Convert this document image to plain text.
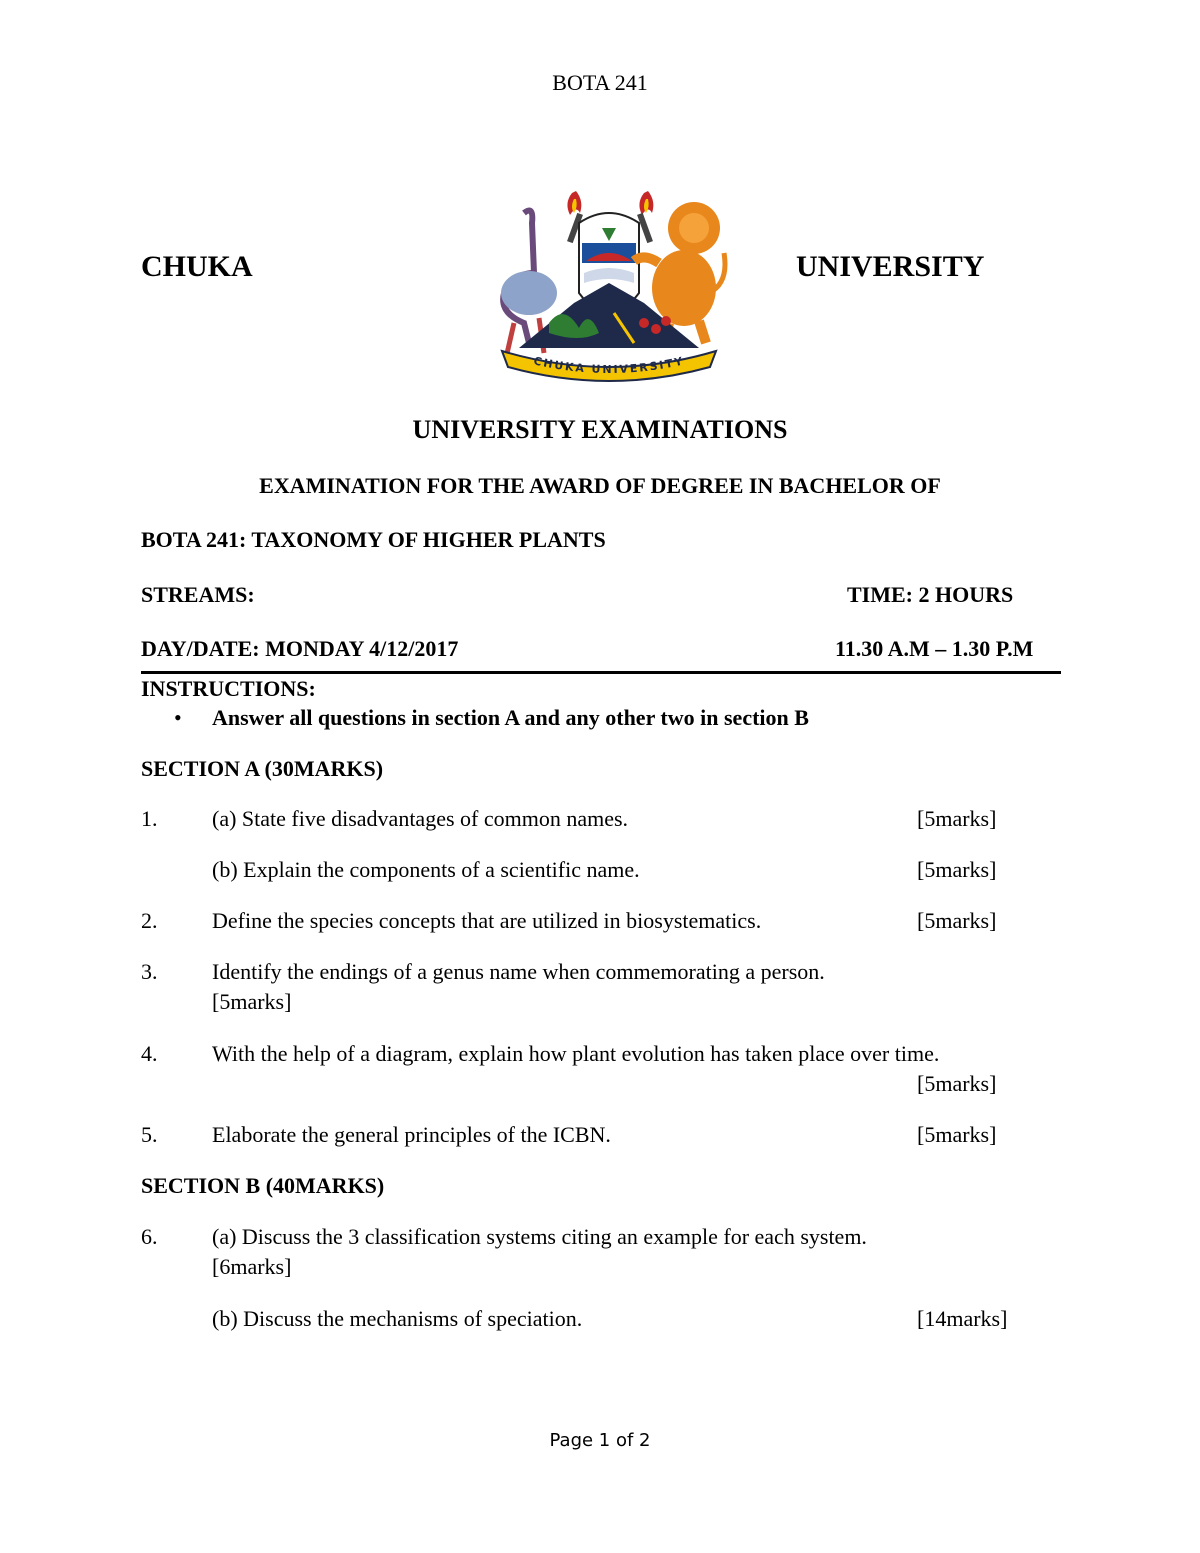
BOTA 241
CHUKA	UNIVERSITY
CHUKA UNIVERSITY
UNIVERSITY EXAMINATIONS
EXAMINATION FOR THE AWARD OF DEGREE IN BACHELOR OF
BOTA 241: TAXONOMY OF HIGHER PLANTS
STREAMS:	TIME: 2 HOURS
DAY/DATE: MONDAY 4/12/2017	11.30 A.M – 1.30 P.M
INSTRUCTIONS:
• Answer all questions in section A and any other two in section B
SECTION A (30MARKS)
1. (a) State five disadvantages of common names.	[5marks]
(b) Explain the components of a scientific name.	[5marks]
2. Define the species concepts that are utilized in biosystematics.	[5marks]
3. Identify the endings of a genus name when commemorating a person.
[5marks]
4. With the help of a diagram, explain how plant evolution has taken place over time.
[5marks]
5. Elaborate the general principles of the ICBN.	[5marks]
SECTION B (40MARKS)
6. (a) Discuss the 3 classification systems citing an example for each system.
[6marks]
(b) Discuss the mechanisms of speciation.	[14marks]
Page 1 of 2
